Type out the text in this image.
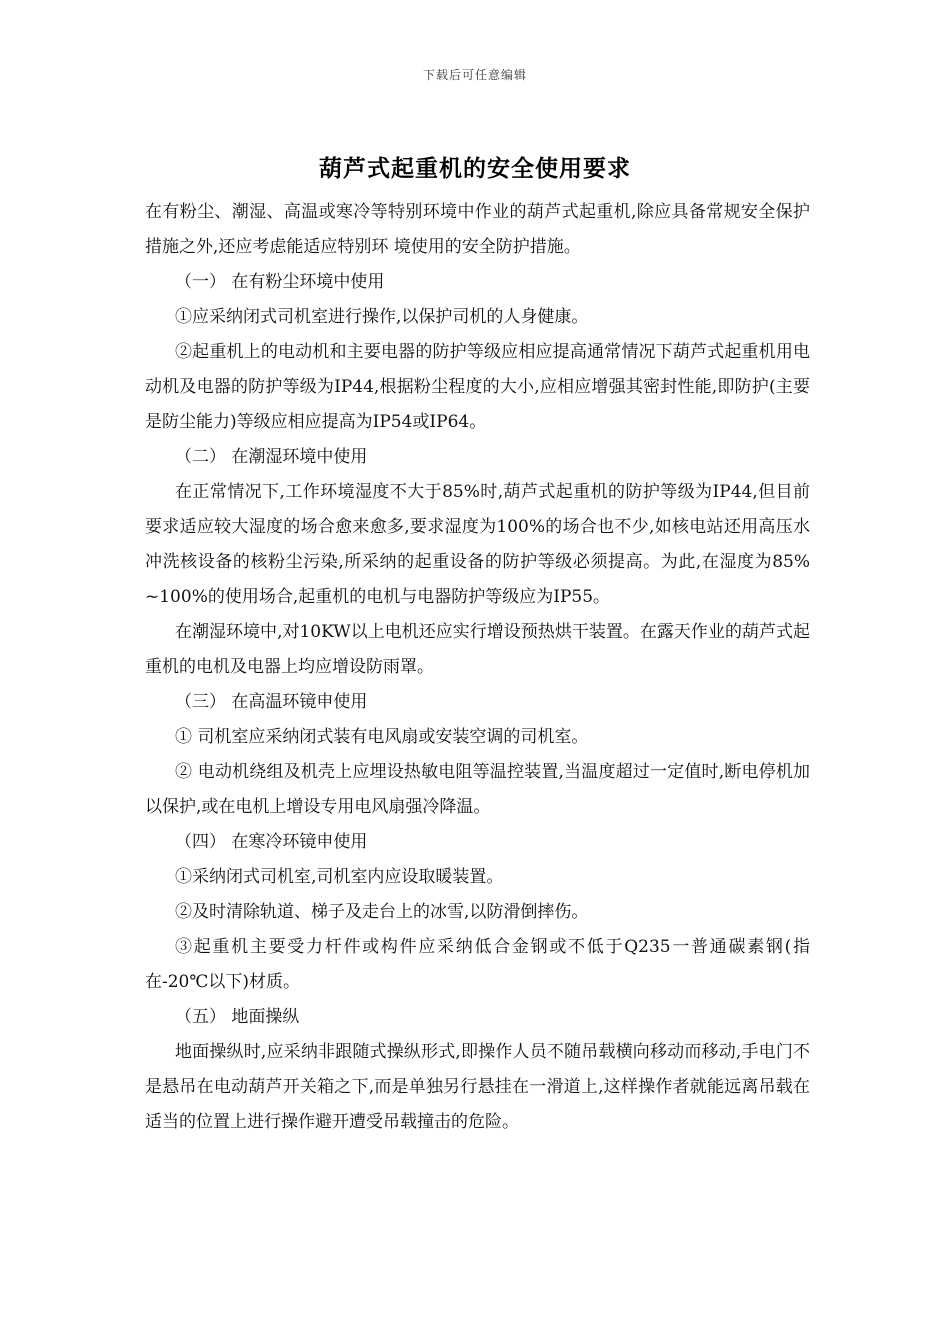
下载后可任意编辑
葫芦式起重机的安全使用要求

在有粉尘、潮湿、高温或寒冷等特别环境中作业的葫芦式起重机,除应具备常规安全保护措施之外,还应考虑能适应特别环 境使用的安全防护措施。

（一） 在有粉尘环境中使用

①应采纳闭式司机室进行操作,以保护司机的人身健康。

②起重机上的电动机和主要电器的防护等级应相应提高通常情况下葫芦式起重机用电动机及电器的防护等级为IP44,根据粉尘程度的大小,应相应增强其密封性能,即防护(主要是防尘能力)等级应相应提高为IP54或IP64。

（二） 在潮湿环境中使用

在正常情况下,工作环境湿度不大于85%时,葫芦式起重机的防护等级为IP44,但目前要求适应较大湿度的场合愈来愈多,要求湿度为100%的场合也不少,如核电站还用高压水冲洗核设备的核粉尘污染,所采纳的起重设备的防护等级必须提高。为此,在湿度为85% ~100%的使用场合,起重机的电机与电器防护等级应为IP55。

在潮湿环境中,对10KW以上电机还应实行增设预热烘干装置。在露天作业的葫芦式起重机的电机及电器上均应增设防雨罩。

（三） 在高温环镜申使用

① 司机室应采纳闭式装有电风扇或安装空调的司机室。

② 电动机绕组及机壳上应埋设热敏电阻等温控装置,当温度超过一定值时,断电停机加以保护,或在电机上增设专用电风扇强冷降温。

（四） 在寒冷环镜申使用

①采纳闭式司机室,司机室内应设取暖装置。

②及时清除轨道、梯子及走台上的冰雪,以防滑倒摔伤。

③起重机主要受力杆件或构件应采纳低合金钢或不低于Q235一普通碳素钢(指在-20℃以下)材质。

（五） 地面操纵

地面操纵时,应采纳非跟随式操纵形式,即操作人员不随吊载横向移动而移动,手电门不是悬吊在电动葫芦开关箱之下,而是单独另行悬挂在一滑道上,这样操作者就能远离吊载在适当的位置上进行操作避开遭受吊载撞击的危险。
